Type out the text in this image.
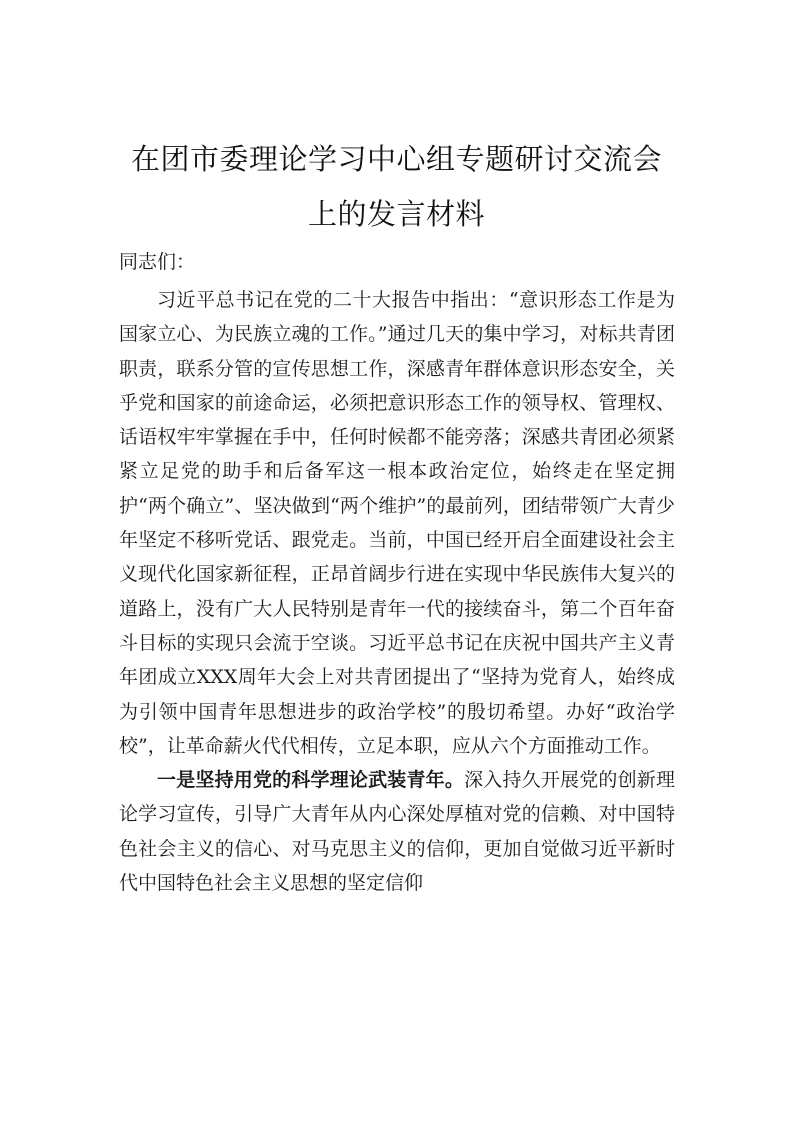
在团市委理论学习中心组专题研讨交流会
上的发言材料
同志们：

习近平总书记在党的二十大报告中指出：“意识形态工作是为国家立心、为民族立魂的工作。”通过几天的集中学习，对标共青团职责，联系分管的宣传思想工作，深感青年群体意识形态安全，关乎党和国家的前途命运，必须把意识形态工作的领导权、管理权、话语权牢牢掌握在手中，任何时候都不能旁落；深感共青团必须紧紧立足党的助手和后备军这一根本政治定位，始终走在坚定拥护“两个确立”、坚决做到“两个维护”的最前列，团结带领广大青少年坚定不移听党话、跟党走。当前，中国已经开启全面建设社会主义现代化国家新征程，正昂首阔步行进在实现中华民族伟大复兴的道路上，没有广大人民特别是青年一代的接续奋斗，第二个百年奋斗目标的实现只会流于空谈。习近平总书记在庆祝中国共产主义青年团成立XXX周年大会上对共青团提出了“坚持为党育人，始终成为引领中国青年思想进步的政治学校”的殷切希望。办好“政治学校”，让革命薪火代代相传，立足本职，应从六个方面推动工作。

一是坚持用党的科学理论武装青年。深入持久开展党的创新理论学习宣传，引导广大青年从内心深处厚植对党的信赖、对中国特色社会主义的信心、对马克思主义的信仰，更加自觉做习近平新时代中国特色社会主义思想的坚定信仰
